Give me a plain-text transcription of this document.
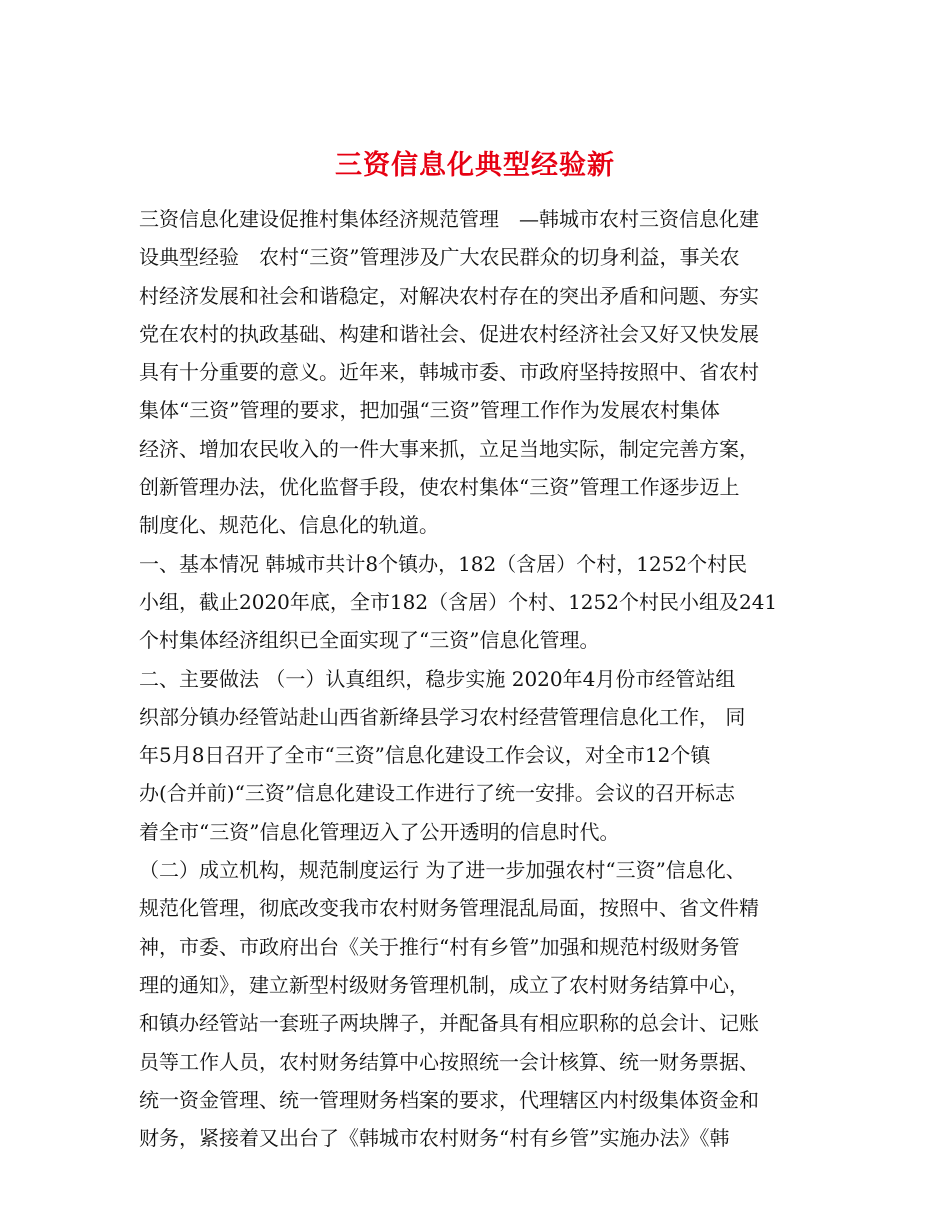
三资信息化典型经验新
三资信息化建设促推村集体经济规范管理　—韩城市农村三资信息化建
设典型经验　农村“三资”管理涉及广大农民群众的切身利益，事关农
村经济发展和社会和谐稳定，对解决农村存在的突出矛盾和问题、夯实
党在农村的执政基础、构建和谐社会、促进农村经济社会又好又快发展
具有十分重要的意义。近年来，韩城市委、市政府坚持按照中、省农村
集体“三资”管理的要求，把加强“三资”管理工作作为发展农村集体
经济、增加农民收入的一件大事来抓，立足当地实际，制定完善方案，
创新管理办法，优化监督手段，使农村集体“三资”管理工作逐步迈上
制度化、规范化、信息化的轨道。
一、基本情况 韩城市共计8个镇办，182（含居）个村，1252个村民
小组，截止2020年底，全市182（含居）个村、1252个村民小组及241
个村集体经济组织已全面实现了“三资”信息化管理。
二、主要做法 （一）认真组织，稳步实施 2020年4月份市经管站组
织部分镇办经管站赴山西省新绛县学习农村经营管理信息化工作， 同
年5月8日召开了全市“三资”信息化建设工作会议，对全市12个镇
办(合并前)“三资”信息化建设工作进行了统一安排。会议的召开标志
着全市“三资”信息化管理迈入了公开透明的信息时代。
（二）成立机构，规范制度运行 为了进一步加强农村“三资”信息化、
规范化管理，彻底改变我市农村财务管理混乱局面，按照中、省文件精
神，市委、市政府出台《关于推行“村有乡管”加强和规范村级财务管
理的通知》，建立新型村级财务管理机制，成立了农村财务结算中心，
和镇办经管站一套班子两块牌子，并配备具有相应职称的总会计、记账
员等工作人员，农村财务结算中心按照统一会计核算、统一财务票据、
统一资金管理、统一管理财务档案的要求，代理辖区内村级集体资金和
财务，紧接着又出台了《韩城市农村财务“村有乡管”实施办法》《韩
